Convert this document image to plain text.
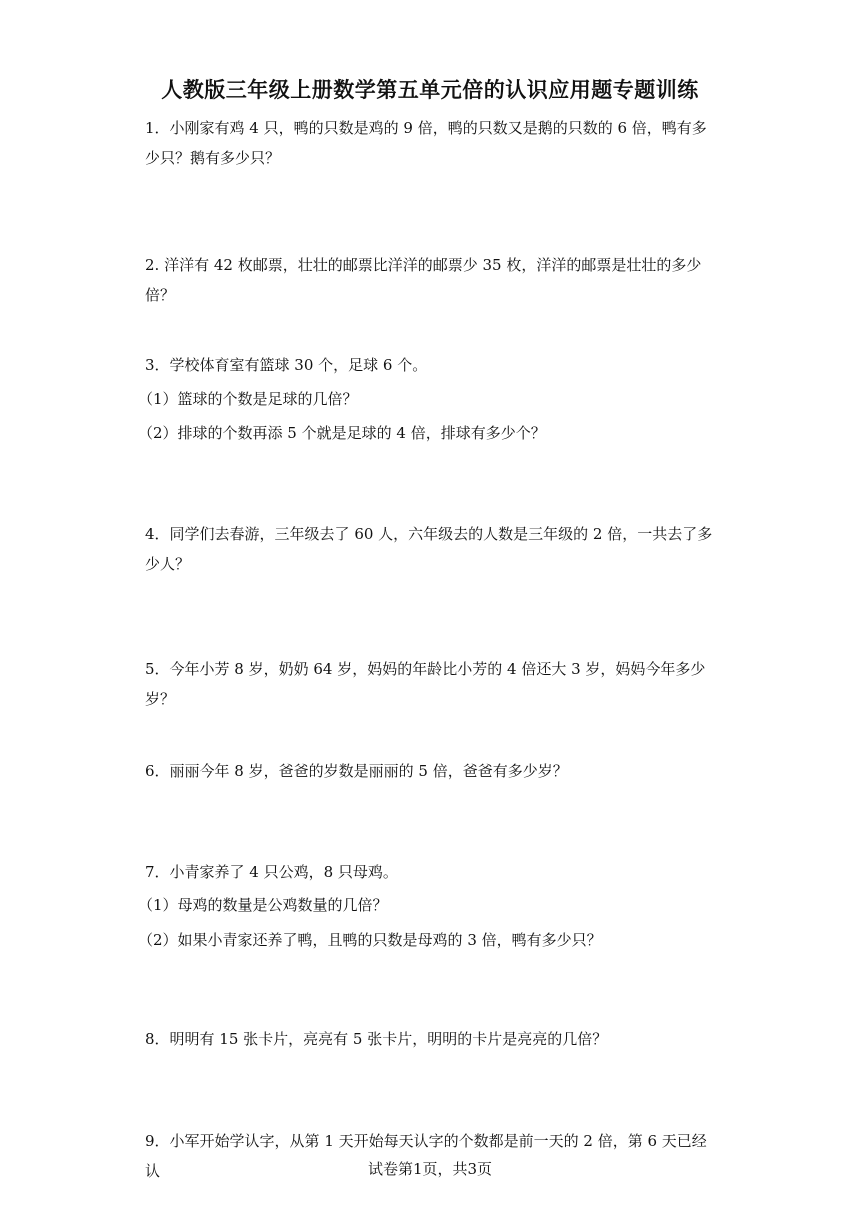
人教版三年级上册数学第五单元倍的认识应用题专题训练
1．小刚家有鸡 4 只，鸭的只数是鸡的 9 倍，鸭的只数又是鹅的只数的 6 倍，鸭有多少只？鹅有多少只？
2. 洋洋有 42 枚邮票，壮壮的邮票比洋洋的邮票少 35 枚，洋洋的邮票是壮壮的多少倍？
3．学校体育室有篮球 30 个，足球 6 个。
（1）篮球的个数是足球的几倍？
（2）排球的个数再添 5 个就是足球的 4 倍，排球有多少个？
4．同学们去春游，三年级去了 60 人，六年级去的人数是三年级的 2 倍，一共去了多少人？
5．今年小芳 8 岁，奶奶 64 岁，妈妈的年龄比小芳的 4 倍还大 3 岁，妈妈今年多少岁？
6．丽丽今年 8 岁，爸爸的岁数是丽丽的 5 倍，爸爸有多少岁？
7．小青家养了 4 只公鸡，8 只母鸡。
（1）母鸡的数量是公鸡数量的几倍？
（2）如果小青家还养了鸭，且鸭的只数是母鸡的 3 倍，鸭有多少只？
8．明明有 15 张卡片，亮亮有 5 张卡片，明明的卡片是亮亮的几倍？
9．小军开始学认字，从第 1 天开始每天认字的个数都是前一天的 2 倍，第 6 天已经认	试卷第1页，共3页
